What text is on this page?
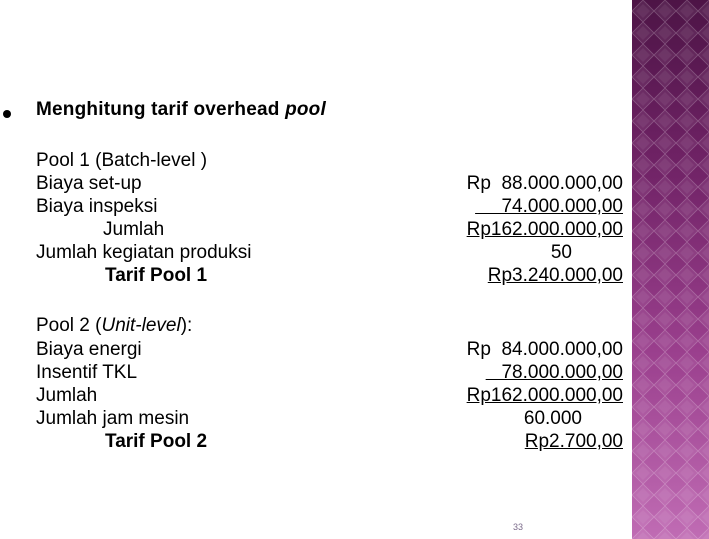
Menghitung tarif overhead pool
Pool 1 (Batch-level )
Biaya set-up	Rp  88.000.000,00
Biaya inspeksi	74.000.000,00
Jumlah	Rp162.000.000,00
Jumlah kegiatan produksi	50
Tarif Pool 1	Rp3.240.000,00
Pool 2 (Unit-level):
Biaya energi	Rp  84.000.000,00
Insentif TKL	78.000.000,00
Jumlah	Rp162.000.000,00
Jumlah jam mesin	60.000
Tarif Pool 2	Rp2.700,00
33
